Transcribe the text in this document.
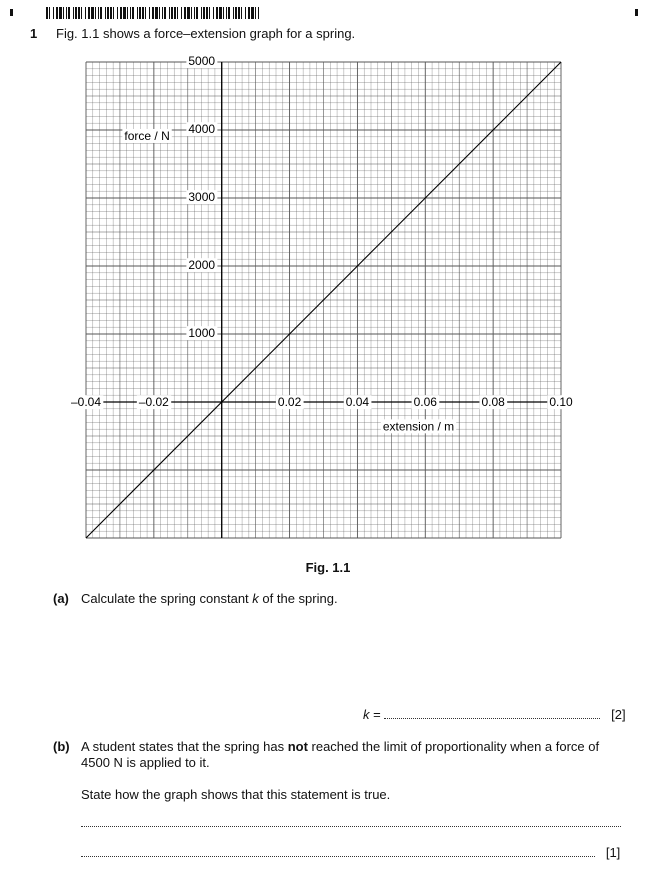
1 Fig. 1.1 shows a force–extension graph for a spring.
–0.04	–0.02	0.02	0.04	0.06	0.08	0.10
1000
2000
3000
4000
5000
force / N
extension / m
Fig. 1.1
(a) Calculate the spring constant k of the spring.
k =	[2]
(b) A student states that the spring has not reached the limit of proportionality when a force of 4500 N is applied to it.
State how the graph shows that this statement is true.
[1]
